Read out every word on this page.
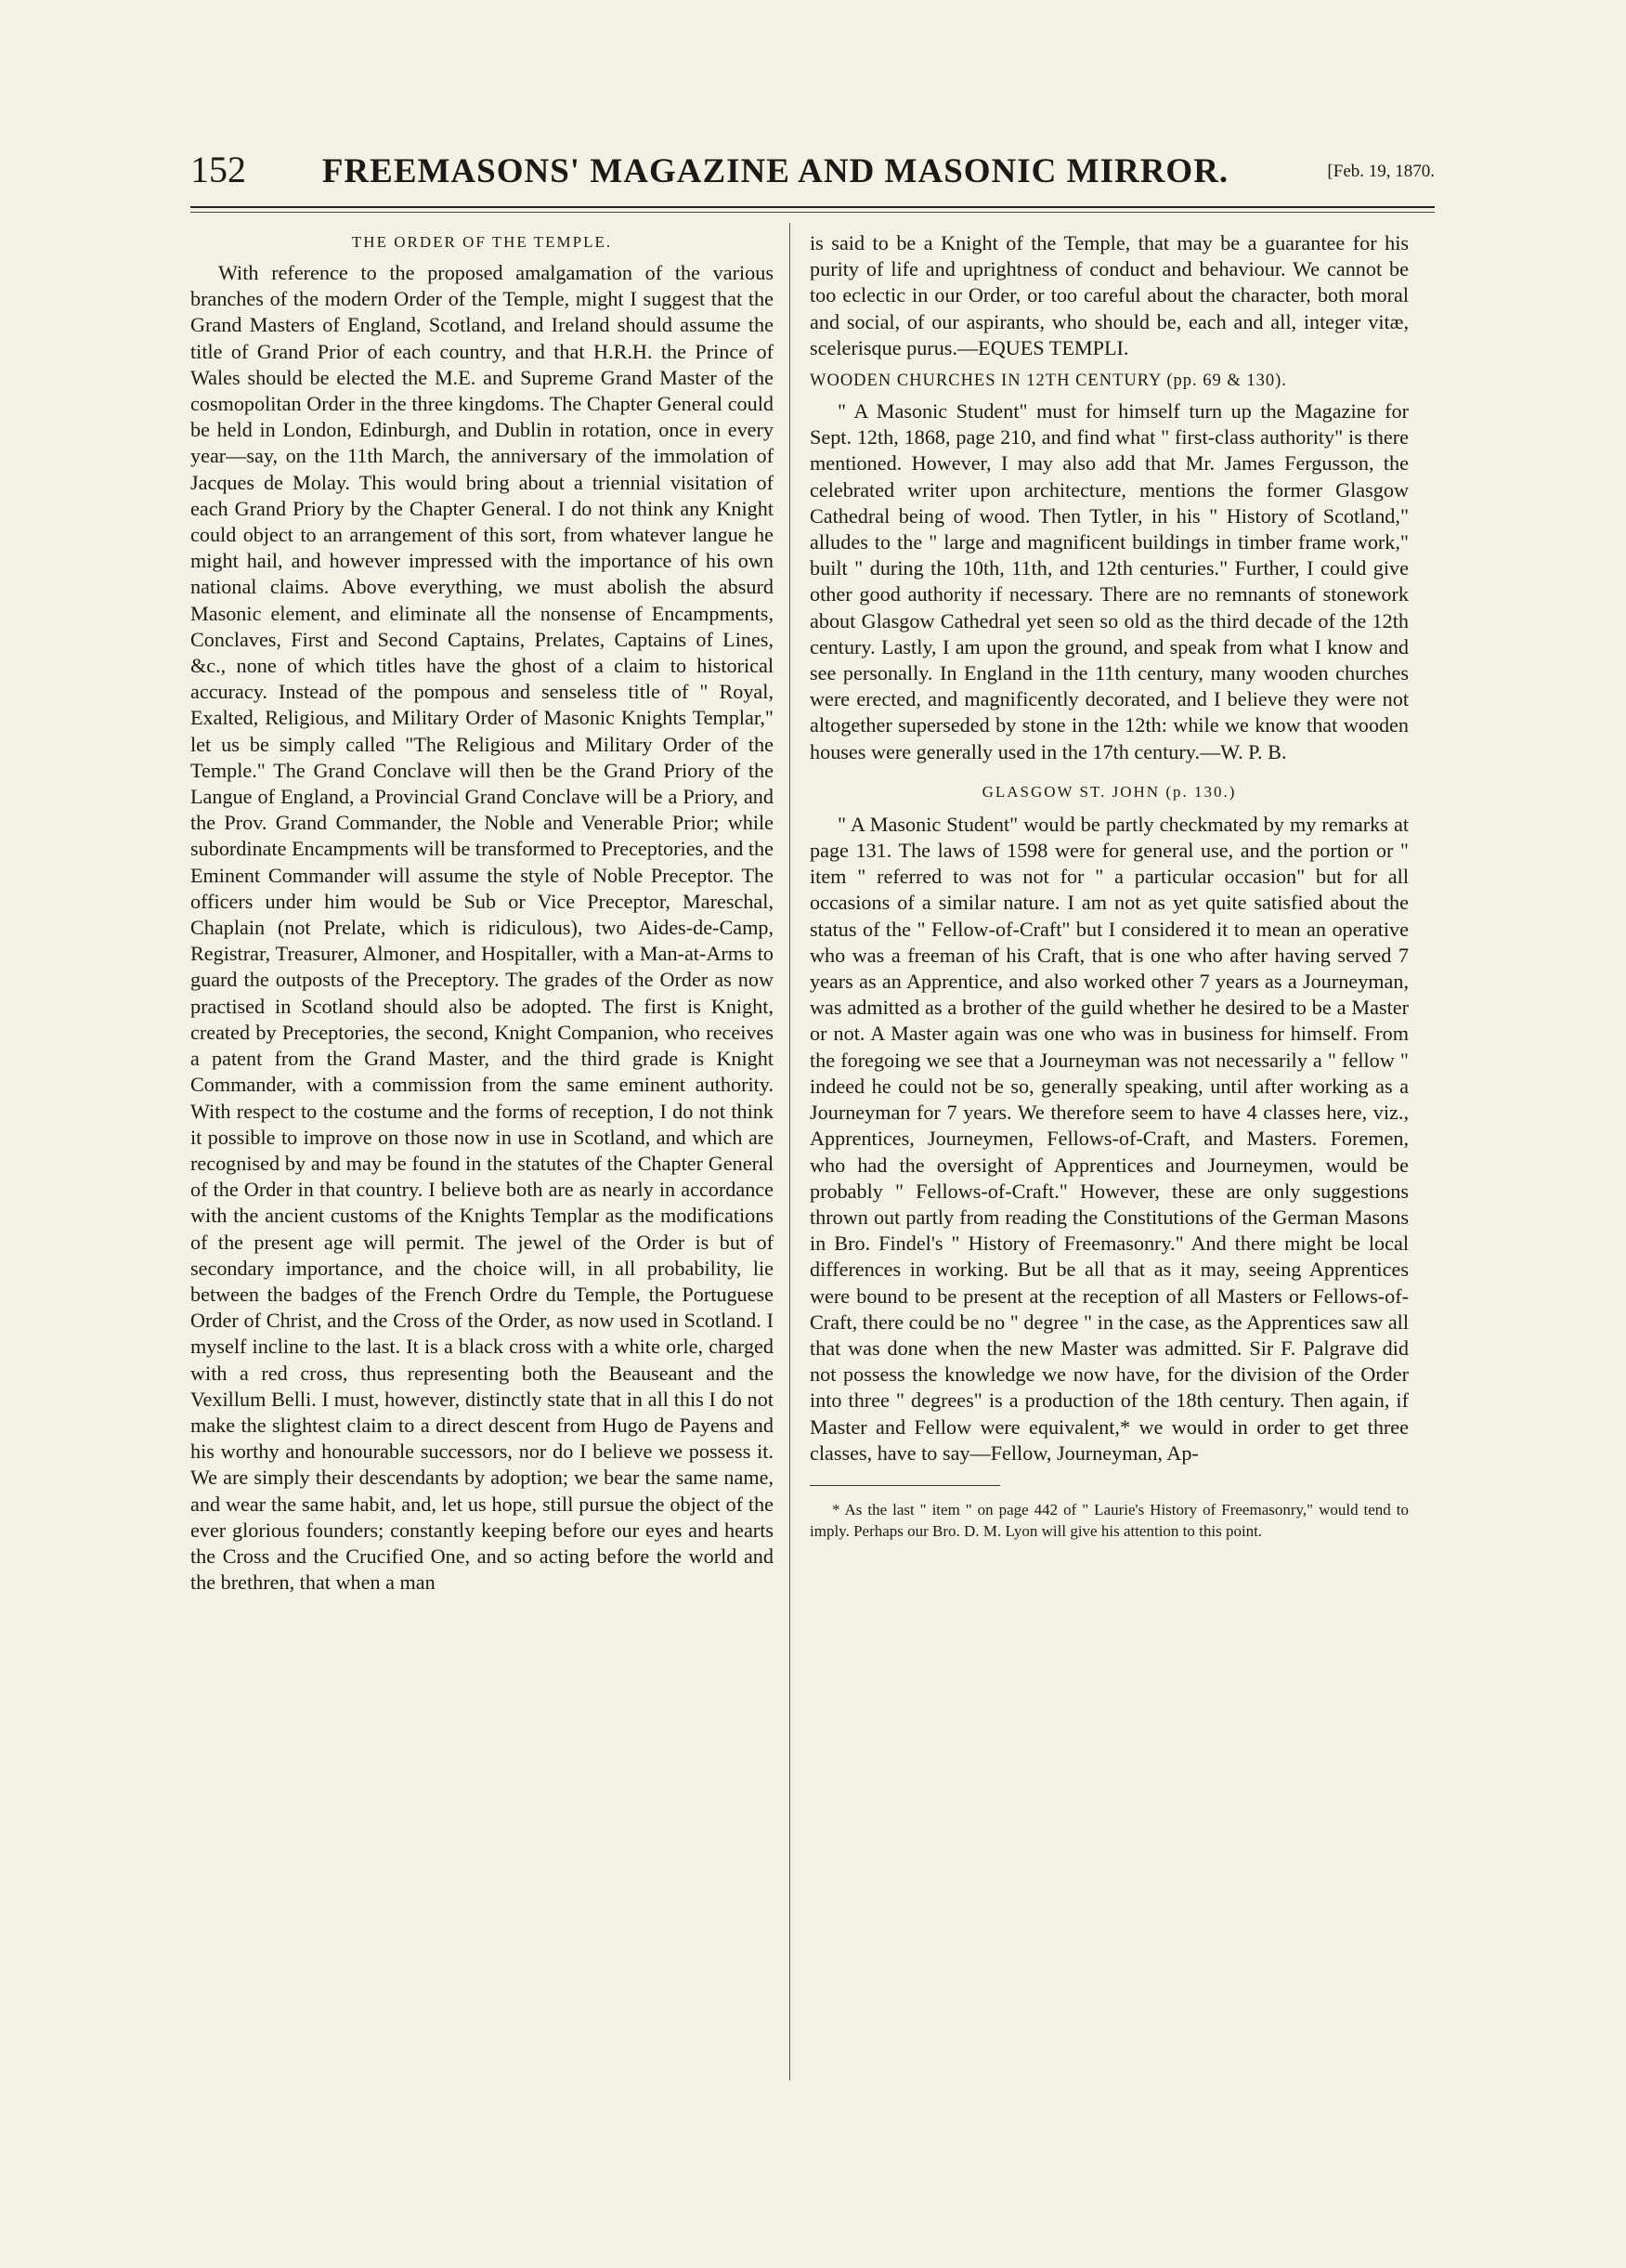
152	FREEMASONS' MAGAZINE AND MASONIC MIRROR.	[Feb. 19, 1870.
THE ORDER OF THE TEMPLE.

With reference to the proposed amalgamation of the various branches of the modern Order of the Temple, might I suggest that the Grand Masters of England, Scotland, and Ireland should assume the title of Grand Prior of each country, and that H.R.H. the Prince of Wales should be elected the M.E. and Supreme Grand Master of the cosmopolitan Order in the three kingdoms. The Chapter General could be held in London, Edinburgh, and Dublin in rotation, once in every year—say, on the 11th March, the anniversary of the immolation of Jacques de Molay. This would bring about a triennial visitation of each Grand Priory by the Chapter General. I do not think any Knight could object to an arrangement of this sort, from whatever langue he might hail, and however impressed with the importance of his own national claims. Above everything, we must abolish the absurd Masonic element, and eliminate all the nonsense of Encampments, Conclaves, First and Second Captains, Prelates, Captains of Lines, &c., none of which titles have the ghost of a claim to historical accuracy. Instead of the pompous and senseless title of " Royal, Exalted, Religious, and Military Order of Masonic Knights Templar," let us be simply called "The Religious and Military Order of the Temple." The Grand Conclave will then be the Grand Priory of the Langue of England, a Provincial Grand Conclave will be a Priory, and the Prov. Grand Commander, the Noble and Venerable Prior; while subordinate Encampments will be transformed to Preceptories, and the Eminent Commander will assume the style of Noble Preceptor. The officers under him would be Sub or Vice Preceptor, Mareschal, Chaplain (not Prelate, which is ridiculous), two Aides-de-Camp, Registrar, Treasurer, Almoner, and Hospitaller, with a Man-at-Arms to guard the outposts of the Preceptory. The grades of the Order as now practised in Scotland should also be adopted. The first is Knight, created by Preceptories, the second, Knight Companion, who receives a patent from the Grand Master, and the third grade is Knight Commander, with a commission from the same eminent authority. With respect to the costume and the forms of reception, I do not think it possible to improve on those now in use in Scotland, and which are recognised by and may be found in the statutes of the Chapter General of the Order in that country. I believe both are as nearly in accordance with the ancient customs of the Knights Templar as the modifications of the present age will permit. The jewel of the Order is but of secondary importance, and the choice will, in all probability, lie between the badges of the French Ordre du Temple, the Portuguese Order of Christ, and the Cross of the Order, as now used in Scotland. I myself incline to the last. It is a black cross with a white orle, charged with a red cross, thus representing both the Beauseant and the Vexillum Belli. I must, however, distinctly state that in all this I do not make the slightest claim to a direct descent from Hugo de Payens and his worthy and honourable successors, nor do I believe we possess it. We are simply their descendants by adoption; we bear the same name, and wear the same habit, and, let us hope, still pursue the object of the ever glorious founders; constantly keeping before our eyes and hearts the Cross and the Crucified One, and so acting before the world and the brethren, that when a man

is said to be a Knight of the Temple, that may be a guarantee for his purity of life and uprightness of conduct and behaviour. We cannot be too eclectic in our Order, or too careful about the character, both moral and social, of our aspirants, who should be, each and all, integer vitæ, scelerisque purus.—EQUES TEMPLI.

WOODEN CHURCHES IN 12TH CENTURY (pp. 69 & 130).

" A Masonic Student" must for himself turn up the Magazine for Sept. 12th, 1868, page 210, and find what " first-class authority" is there mentioned. However, I may also add that Mr. James Fergusson, the celebrated writer upon architecture, mentions the former Glasgow Cathedral being of wood. Then Tytler, in his " History of Scotland," alludes to the " large and magnificent buildings in timber frame work," built " during the 10th, 11th, and 12th centuries." Further, I could give other good authority if necessary. There are no remnants of stonework about Glasgow Cathedral yet seen so old as the third decade of the 12th century. Lastly, I am upon the ground, and speak from what I know and see personally. In England in the 11th century, many wooden churches were erected, and magnificently decorated, and I believe they were not altogether superseded by stone in the 12th: while we know that wooden houses were generally used in the 17th century.—W. P. B.

GLASGOW ST. JOHN (p. 130.)

" A Masonic Student" would be partly checkmated by my remarks at page 131. The laws of 1598 were for general use, and the portion or " item " referred to was not for " a particular occasion" but for all occasions of a similar nature. I am not as yet quite satisfied about the status of the " Fellow-of-Craft" but I considered it to mean an operative who was a freeman of his Craft, that is one who after having served 7 years as an Apprentice, and also worked other 7 years as a Journeyman, was admitted as a brother of the guild whether he desired to be a Master or not. A Master again was one who was in business for himself. From the foregoing we see that a Journeyman was not necessarily a " fellow " indeed he could not be so, generally speaking, until after working as a Journeyman for 7 years. We therefore seem to have 4 classes here, viz., Apprentices, Journeymen, Fellows-of-Craft, and Masters. Foremen, who had the oversight of Apprentices and Journeymen, would be probably " Fellows-of-Craft." However, these are only suggestions thrown out partly from reading the Constitutions of the German Masons in Bro. Findel's " History of Freemasonry." And there might be local differences in working. But be all that as it may, seeing Apprentices were bound to be present at the reception of all Masters or Fellows-of-Craft, there could be no " degree " in the case, as the Apprentices saw all that was done when the new Master was admitted. Sir F. Palgrave did not possess the knowledge we now have, for the division of the Order into three " degrees" is a production of the 18th century. Then again, if Master and Fellow were equivalent,* we would in order to get three classes, have to say—Fellow, Journeyman, Ap-

* As the last " item " on page 442 of " Laurie's History of Freemasonry," would tend to imply. Perhaps our Bro. D. M. Lyon will give his attention to this point.
